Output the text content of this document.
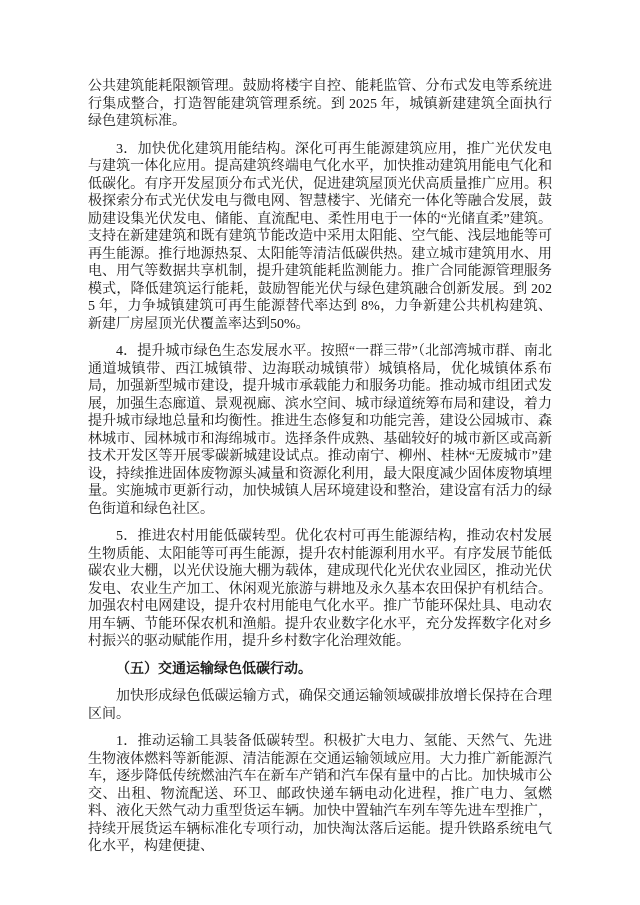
公共建筑能耗限额管理。鼓励将楼宇自控、能耗监管、分布式发电等系统进行集成整合，打造智能建筑管理系统。到 2025 年，城镇新建建筑全面执行绿色建筑标准。

3．加快优化建筑用能结构。深化可再生能源建筑应用，推广光伏发电与建筑一体化应用。提高建筑终端电气化水平，加快推动建筑用能电气化和低碳化。有序开发屋顶分布式光伏，促进建筑屋顶光伏高质量推广应用。积极探索分布式光伏发电与微电网、智慧楼宇、光储充一体化等融合发展，鼓励建设集光伏发电、储能、直流配电、柔性用电于一体的“光储直柔”建筑。支持在新建建筑和既有建筑节能改造中采用太阳能、空气能、浅层地能等可再生能源。推行地源热泵、太阳能等清洁低碳供热。建立城市建筑用水、用电、用气等数据共享机制，提升建筑能耗监测能力。推广合同能源管理服务模式，降低建筑运行能耗，鼓励智能光伏与绿色建筑融合创新发展。到 2025 年，力争城镇建筑可再生能源替代率达到 8%，力争新建公共机构建筑、新建厂房屋顶光伏覆盖率达到50%。

4．提升城市绿色生态发展水平。按照“一群三带”（北部湾城市群、南北通道城镇带、西江城镇带、边海联动城镇带）城镇格局，优化城镇体系布局，加强新型城市建设，提升城市承载能力和服务功能。推动城市组团式发展，加强生态廊道、景观视廊、滨水空间、城市绿道统筹布局和建设，着力提升城市绿地总量和均衡性。推进生态修复和功能完善，建设公园城市、森林城市、园林城市和海绵城市。选择条件成熟、基础较好的城市新区或高新技术开发区等开展零碳新城建设试点。推动南宁、柳州、桂林“无废城市”建设，持续推进固体废物源头减量和资源化利用，最大限度减少固体废物填埋量。实施城市更新行动，加快城镇人居环境建设和整治，建设富有活力的绿色街道和绿色社区。

5．推进农村用能低碳转型。优化农村可再生能源结构，推动农村发展生物质能、太阳能等可再生能源，提升农村能源利用水平。有序发展节能低碳农业大棚，以光伏设施大棚为载体，建成现代化光伏农业园区，推动光伏发电、农业生产加工、休闲观光旅游与耕地及永久基本农田保护有机结合。加强农村电网建设，提升农村用能电气化水平。推广节能环保灶具、电动农用车辆、节能环保农机和渔船。提升农业数字化水平，充分发挥数字化对乡村振兴的驱动赋能作用，提升乡村数字化治理效能。

（五）交通运输绿色低碳行动。

加快形成绿色低碳运输方式，确保交通运输领域碳排放增长保持在合理区间。

1．推动运输工具装备低碳转型。积极扩大电力、氢能、天然气、先进生物液体燃料等新能源、清洁能源在交通运输领域应用。大力推广新能源汽车，逐步降低传统燃油汽车在新车产销和汽车保有量中的占比。加快城市公交、出租、物流配送、环卫、邮政快递车辆电动化进程，推广电力、氢燃料、液化天然气动力重型货运车辆。加快中置轴汽车列车等先进车型推广，持续开展货运车辆标准化专项行动，加快淘汰落后运能。提升铁路系统电气化水平，构建便捷、
